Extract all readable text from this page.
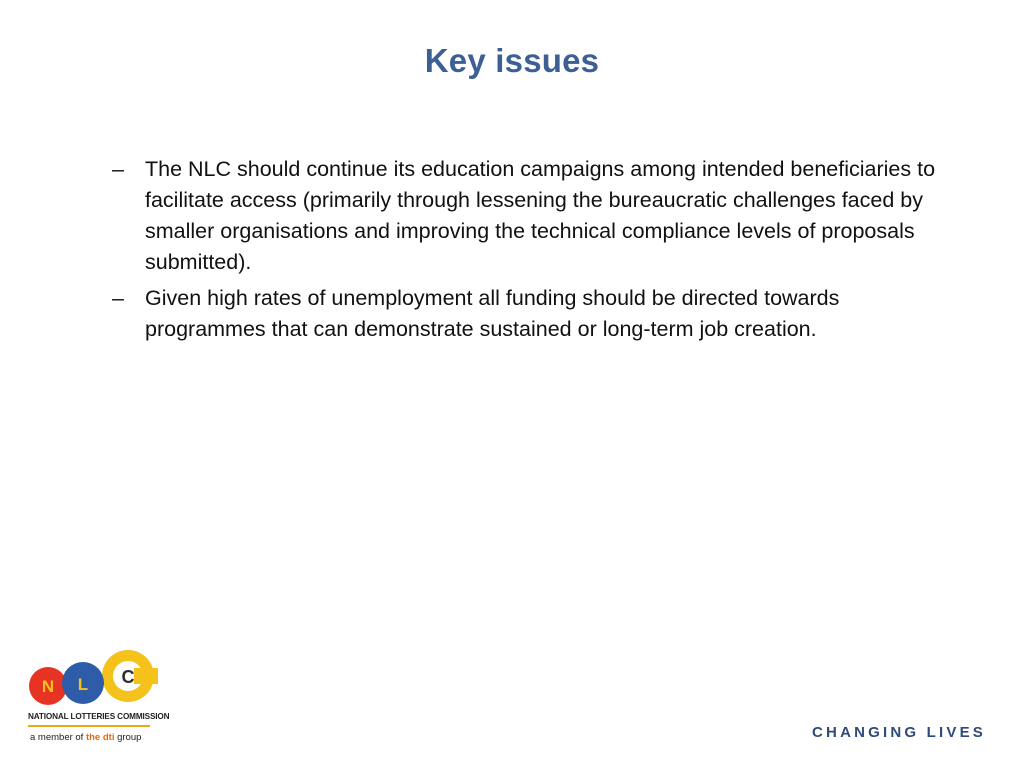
Key issues
– The NLC should continue its education campaigns among intended beneficiaries to facilitate access (primarily through lessening the bureaucratic challenges faced by smaller organisations and improving the technical compliance levels of proposals submitted).
– Given high rates of unemployment all funding should be directed towards programmes that can demonstrate sustained or long-term job creation.
N L C
NATIONAL LOTTERIES COMMISSION
a member of the dti group	CHANGING LIVES
